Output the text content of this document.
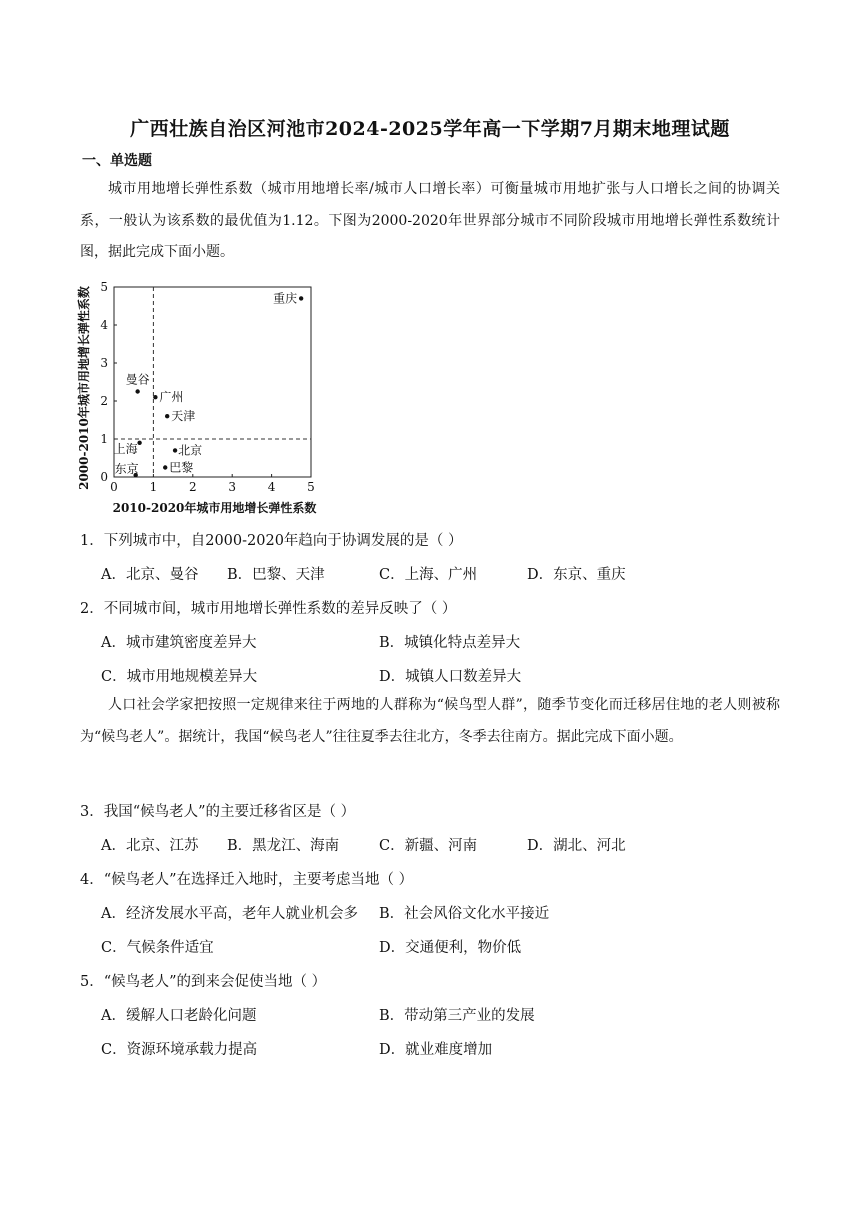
广西壮族自治区河池市2024-2025学年高一下学期7月期末地理试题
一、单选题
城市用地增长弹性系数（城市用地增长率/城市人口增长率）可衡量城市用地扩张与人口增长之间的协调关系，一般认为该系数的最优值为1.12。下图为2000-2020年世界部分城市不同阶段城市用地增长弹性系数统计图，据此完成下面小题。
0	1	2	3	4	5
0
1
2
3
4
5
2010-2020年城市用地增长弹性系数
2000-2010年城市用地增长弹性系数	重庆
曼谷
广州
天津
北京
上海
巴黎
东京
1．下列城市中，自2000-2020年趋向于协调发展的是（ ）
A．北京、曼谷 B．巴黎、天津	C．上海、广州	D．东京、重庆
2．不同城市间，城市用地增长弹性系数的差异反映了（ ）
A．城市建筑密度差异大	B．城镇化特点差异大
C．城市用地规模差异大	D．城镇人口数差异大
人口社会学家把按照一定规律来往于两地的人群称为“候鸟型人群”，随季节变化而迁移居住地的老人则被称为“候鸟老人”。据统计，我国“候鸟老人”往往夏季去往北方，冬季去往南方。据此完成下面小题。
3．我国“候鸟老人”的主要迁移省区是（ ）
A．北京、江苏 B．黑龙江、海南	C．新疆、河南	D．湖北、河北
4．“候鸟老人”在选择迁入地时，主要考虑当地（ ）
A．经济发展水平高，老年人就业机会多 B．社会风俗文化水平接近
C．气候条件适宜	D．交通便利，物价低
5．“候鸟老人”的到来会促使当地（ ）
A．缓解人口老龄化问题	B．带动第三产业的发展
C．资源环境承载力提高	D．就业难度增加
